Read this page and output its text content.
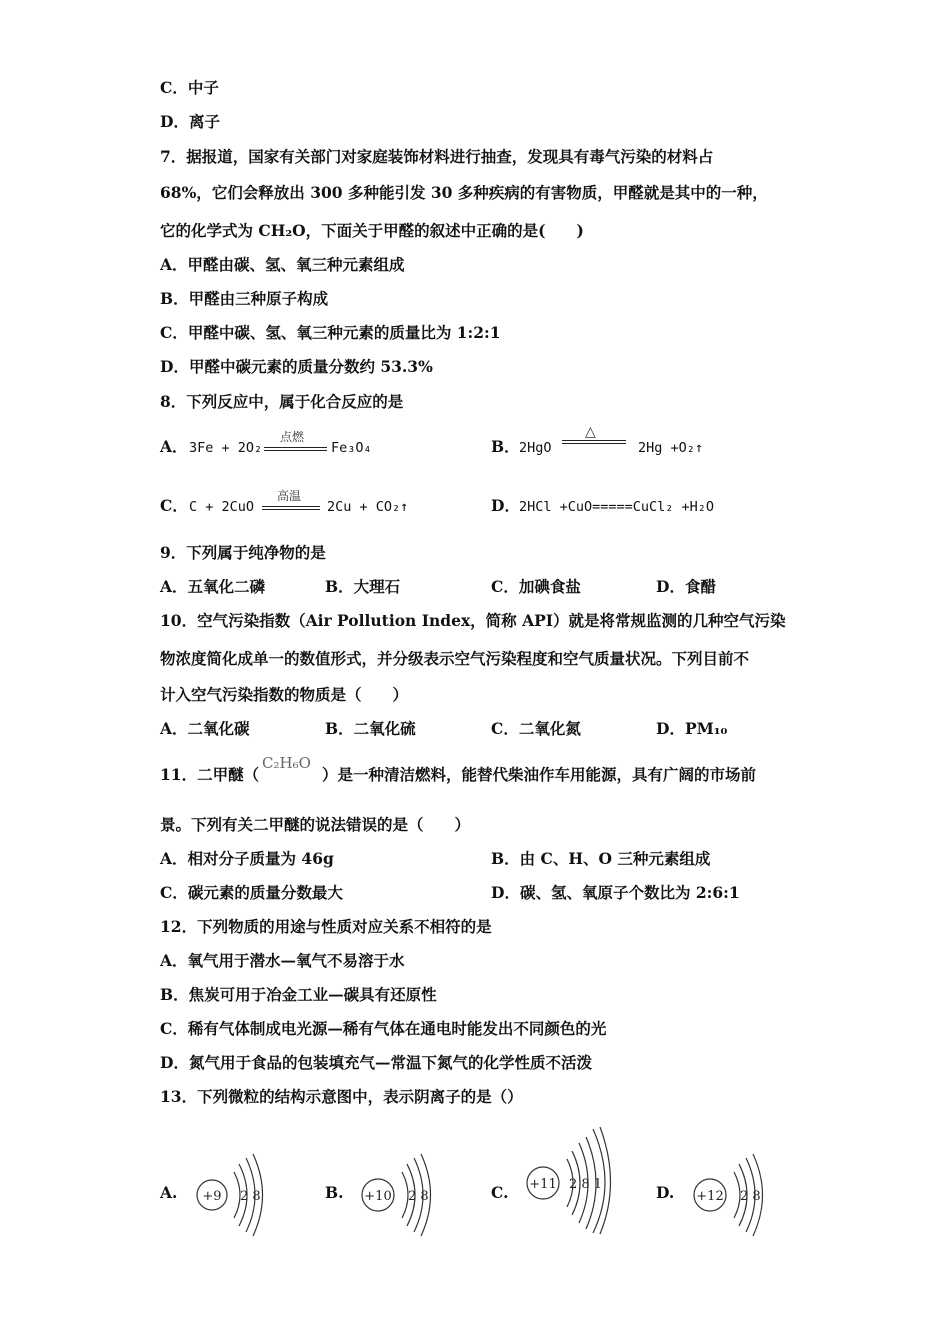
C．中子
D．离子
7．据报道，国家有关部门对家庭装饰材料进行抽查，发现具有毒气污染的材料占
68%，它们会释放出 300 多种能引发 30 多种疾病的有害物质，甲醛就是其中的一种，
它的化学式为 CH₂O，下面关于甲醛的叙述中正确的是(　　)
A．甲醛由碳、氢、氧三种元素组成
B．甲醛由三种原子构成
C．甲醛中碳、氢、氧三种元素的质量比为 1:2:1
D．甲醛中碳元素的质量分数约 53.3%
8．下列反应中，属于化合反应的是
A． 3Fe + 2O₂
点燃
Fe₃O₄	B． 2HgO
△
2Hg +O₂↑
C． C + 2CuO
高温
2Cu + CO₂↑	D． 2HCl +CuO=====CuCl₂ +H₂O
9．下列属于纯净物的是
A．五氧化二磷	B．大理石	C．加碘食盐	D．食醋
10．空气污染指数（Air Pollution Index，简称 API）就是将常规监测的几种空气污染
物浓度简化成单一的数值形式，并分级表示空气污染程度和空气质量状况。下列目前不
计入空气污染指数的物质是（　　）
A．二氧化碳	B．二氧化硫	C．二氧化氮	D．PM₁₀
11．二甲醚（
C₂H₆O
）是一种清洁燃料，能替代柴油作车用能源，具有广阔的市场前
景。下列有关二甲醚的说法错误的是（　　）
A．相对分子质量为 46g	B．由 C、H、O 三种元素组成
C．碳元素的质量分数最大	D．碳、氢、氧原子个数比为 2:6:1
12．下列物质的用途与性质对应关系不相符的是
A．氧气用于潜水—氧气不易溶于水
B．焦炭可用于冶金工业—碳具有还原性
C．稀有气体制成电光源—稀有气体在通电时能发出不同颜色的光
D．氮气用于食品的包装填充气—常温下氮气的化学性质不活泼
13．下列微粒的结构示意图中，表示阴离子的是（）
A. +9 2 8	B. +10 2 8	C. +11 2 8 1	D. +12 2 8
